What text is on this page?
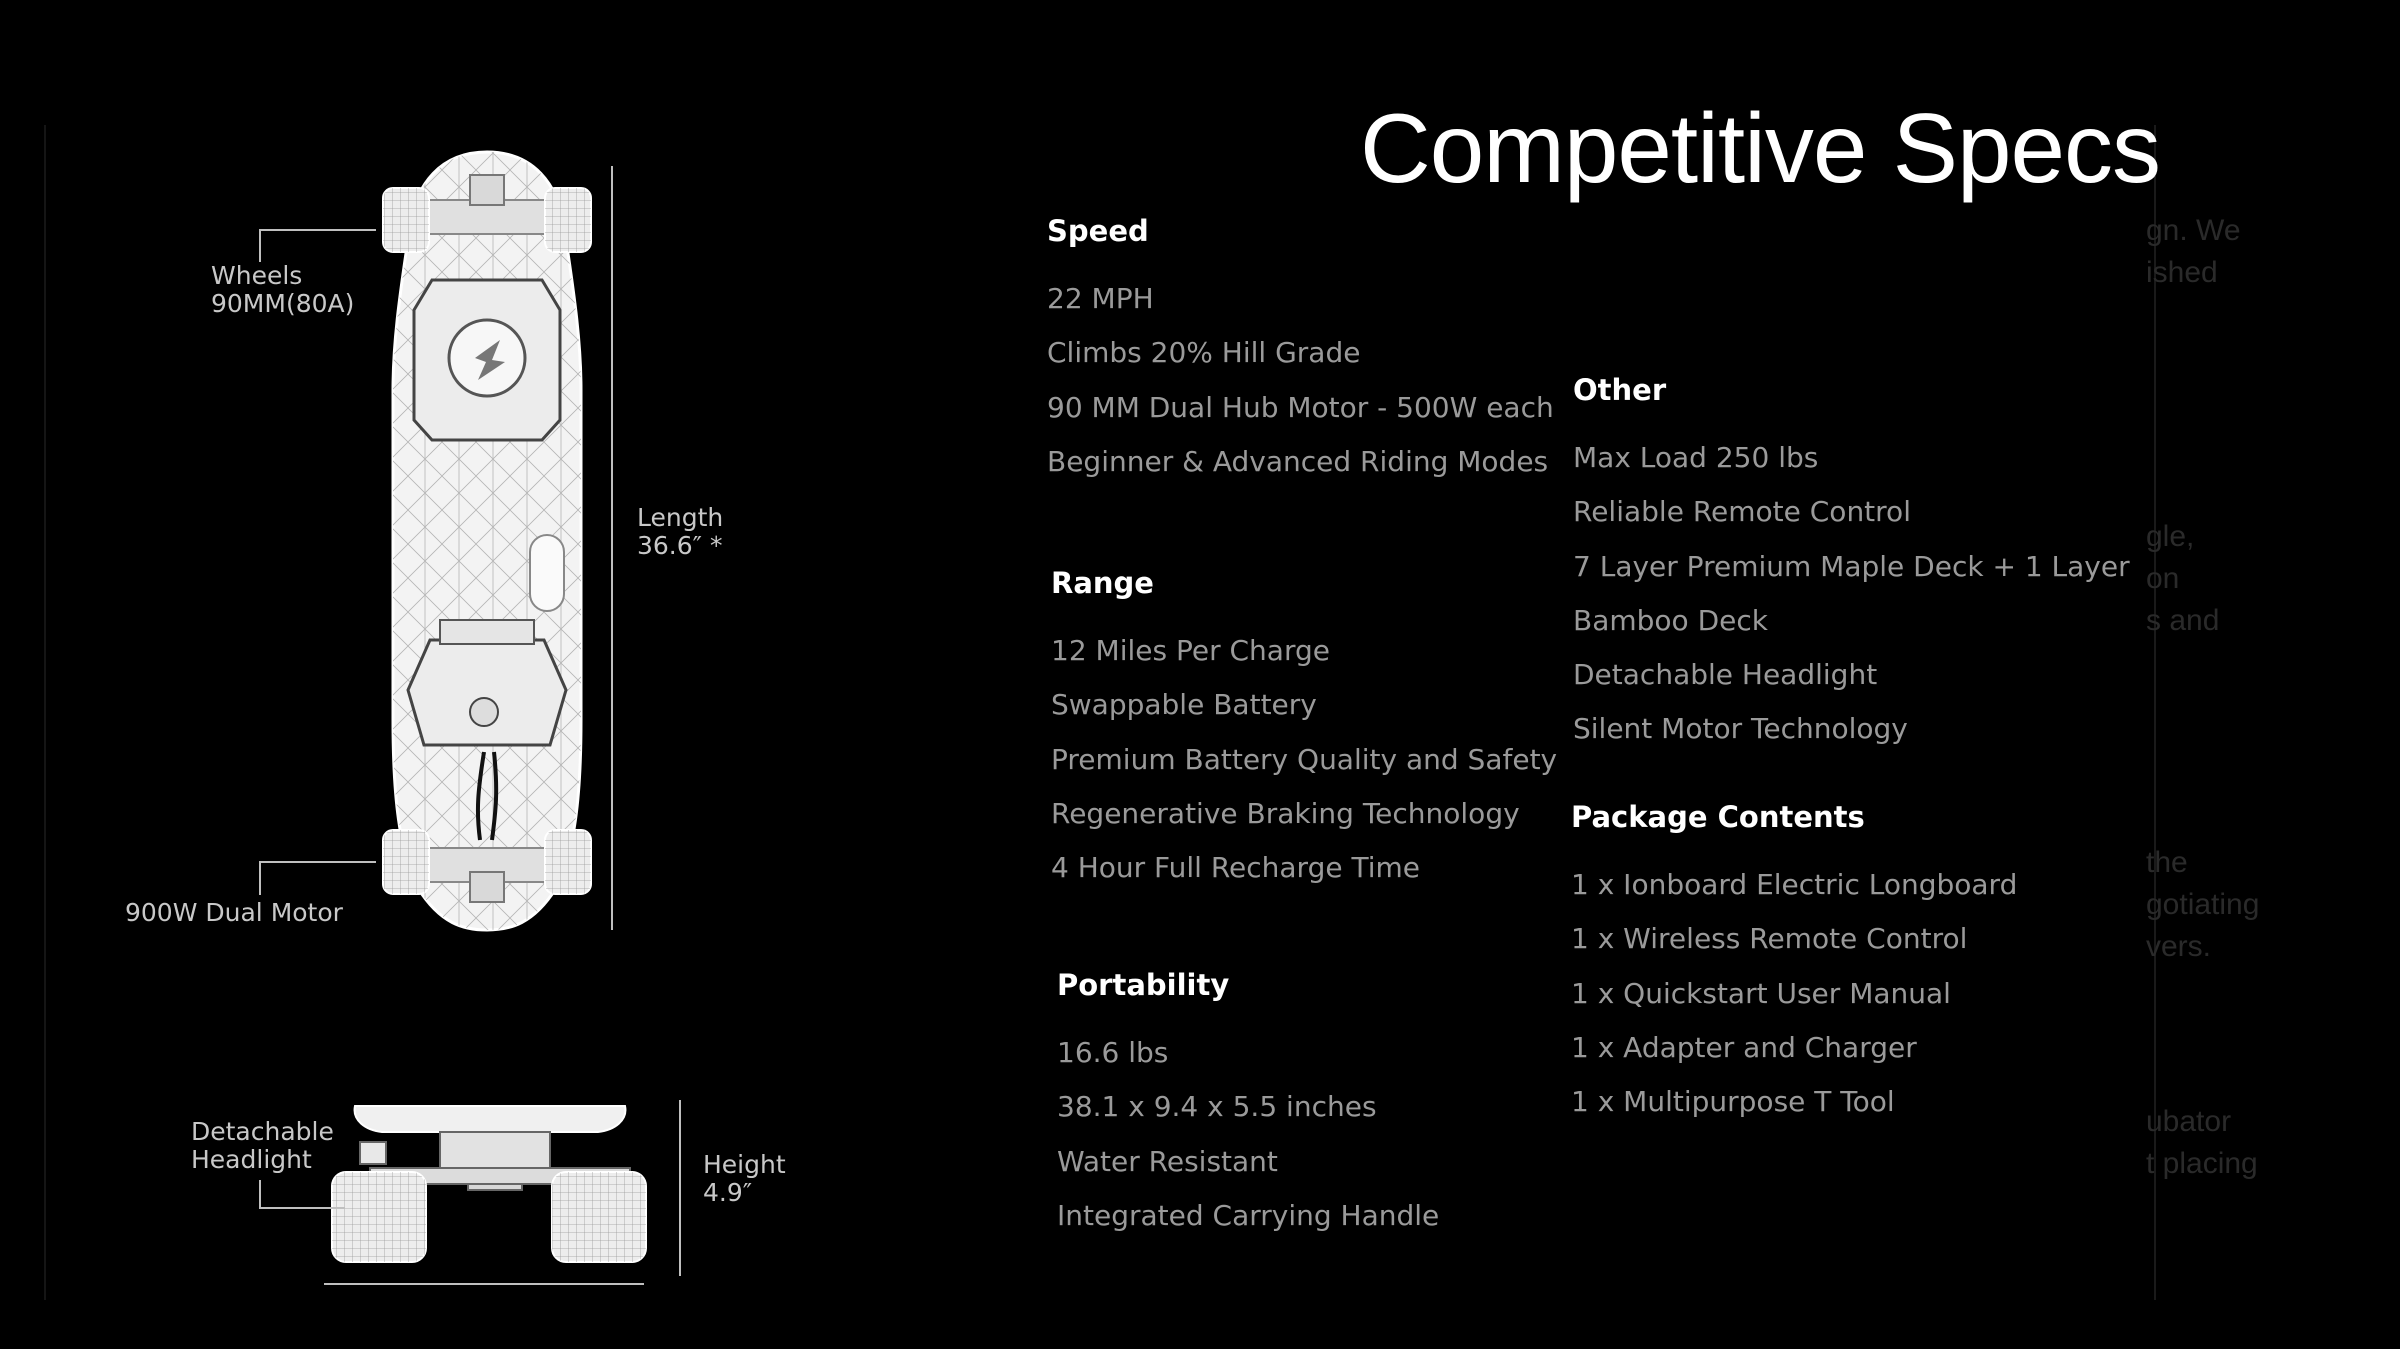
gn. We
ished
gle,
on
s and
the
gotiating
vers.
ubator
t placing
Wheels
90MM(80A)
Length
36.6″ *
900W Dual Motor
Detachable
Headlight	Height
4.9″
Competitive Specs
Speed
22 MPH
Climbs 20% Hill Grade
90 MM Dual Hub Motor - 500W each
Beginner & Advanced Riding Modes
Range
12 Miles Per Charge
Swappable Battery
Premium Battery Quality and Safety
Regenerative Braking Technology
4 Hour Full Recharge Time
Portability
16.6 lbs
38.1 x 9.4 x 5.5 inches
Water Resistant
Integrated Carrying Handle
Other
Max Load 250 lbs
Reliable Remote Control
7 Layer Premium Maple Deck + 1 Layer
Bamboo Deck
Detachable Headlight
Silent Motor Technology
Package Contents
1 x Ionboard Electric Longboard
1 x Wireless Remote Control
1 x Quickstart User Manual
1 x Adapter and Charger
1 x Multipurpose T Tool
